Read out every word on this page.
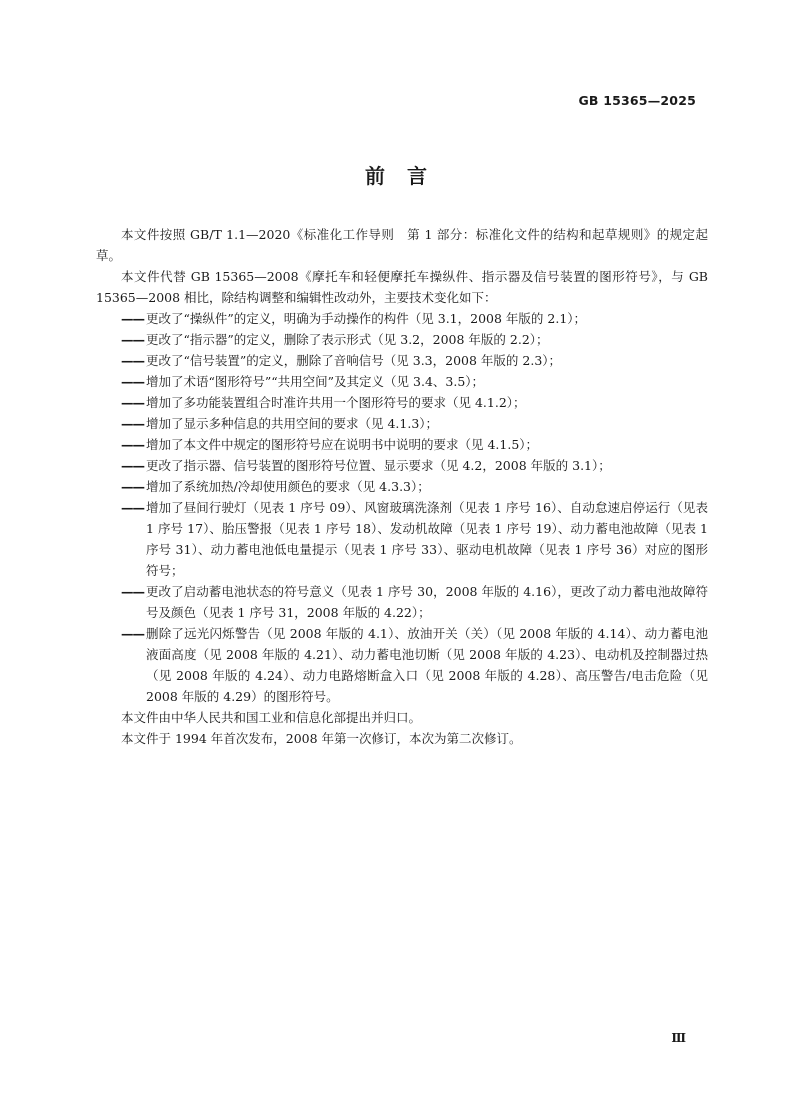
GB 15365—2025
前言

本文件按照 GB/T 1.1—2020《标准化工作导则　第 1 部分：标准化文件的结构和起草规则》的规定起草。

本文件代替 GB 15365—2008《摩托车和轻便摩托车操纵件、指示器及信号装置的图形符号》，与 GB 15365—2008 相比，除结构调整和编辑性改动外，主要技术变化如下：

—— 更改了“操纵件”的定义，明确为手动操作的构件（见 3.1，2008 年版的 2.1）；
—— 更改了“指示器”的定义，删除了表示形式（见 3.2，2008 年版的 2.2）；
—— 更改了“信号装置”的定义，删除了音响信号（见 3.3，2008 年版的 2.3）；
—— 增加了术语“图形符号”“共用空间”及其定义（见 3.4、3.5）；
—— 增加了多功能装置组合时准许共用一个图形符号的要求（见 4.1.2）；
—— 增加了显示多种信息的共用空间的要求（见 4.1.3）；
—— 增加了本文件中规定的图形符号应在说明书中说明的要求（见 4.1.5）；
—— 更改了指示器、信号装置的图形符号位置、显示要求（见 4.2，2008 年版的 3.1）；
—— 增加了系统加热/冷却使用颜色的要求（见 4.3.3）；
—— 增加了昼间行驶灯（见表 1 序号 09）、风窗玻璃洗涤剂（见表 1 序号 16）、自动怠速启停运行（见表 1 序号 17）、胎压警报（见表 1 序号 18）、发动机故障（见表 1 序号 19）、动力蓄电池故障（见表 1 序号 31）、动力蓄电池低电量提示（见表 1 序号 33）、驱动电机故障（见表 1 序号 36）对应的图形符号；
—— 更改了启动蓄电池状态的符号意义（见表 1 序号 30，2008 年版的 4.16），更改了动力蓄电池故障符号及颜色（见表 1 序号 31，2008 年版的 4.22）；
—— 删除了远光闪烁警告（见 2008 年版的 4.1）、放油开关（关）（见 2008 年版的 4.14）、动力蓄电池液面高度（见 2008 年版的 4.21）、动力蓄电池切断（见 2008 年版的 4.23）、电动机及控制器过热（见 2008 年版的 4.24）、动力电路熔断盒入口（见 2008 年版的 4.28）、高压警告/电击危险（见 2008 年版的 4.29）的图形符号。

本文件由中华人民共和国工业和信息化部提出并归口。

本文件于 1994 年首次发布，2008 年第一次修订，本次为第二次修订。

Ⅲ
